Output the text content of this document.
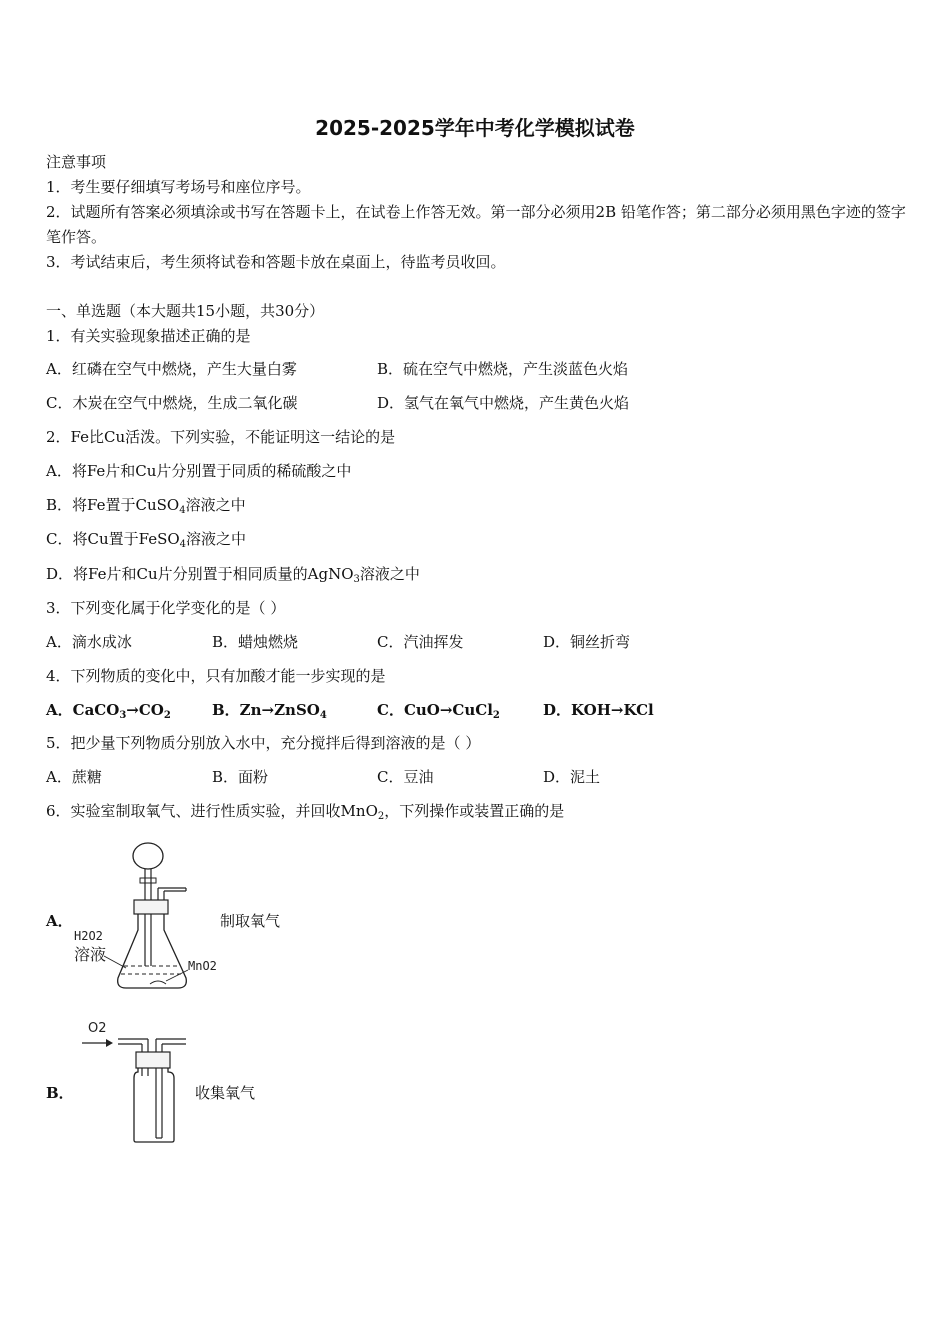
2025-2025学年中考化学模拟试卷
注意事项
1．考生要仔细填写考场号和座位序号。
2．试题所有答案必须填涂或书写在答题卡上，在试卷上作答无效。第一部分必须用2B 铅笔作答；第二部分必须用黑色字迹的签字笔作答。
3．考试结束后，考生须将试卷和答题卡放在桌面上，待监考员收回。
一、单选题（本大题共15小题，共30分）
1．有关实验现象描述正确的是
A．红磷在空气中燃烧，产生大量白雾	B．硫在空气中燃烧，产生淡蓝色火焰
C．木炭在空气中燃烧，生成二氧化碳	D．氢气在氧气中燃烧，产生黄色火焰
2．Fe比Cu活泼。下列实验，不能证明这一结论的是
A．将Fe片和Cu片分别置于同质的稀硫酸之中
B．将Fe置于CuSO$_4$溶液之中
C．将Cu置于FeSO$_4$溶液之中
D．将Fe片和Cu片分别置于相同质量的AgNO$_3$溶液之中
3．下列变化属于化学变化的是（ ）
A．滴水成冰	B．蜡烛燃烧	C．汽油挥发	D．铜丝折弯
4．下列物质的变化中，只有加酸才能一步实现的是
A．$CaCO_3\to CO_2$	B．Zn→ZnSO$_4$	C．CuO→CuCl$_2$	D．KOH→KCl
5．把少量下列物质分别放入水中，充分搅拌后得到溶液的是（ ）
A．蔗糖	B．面粉	C．豆油	D．泥土
6．实验室制取氧气、进行性质实验，并回收MnO$_2$，下列操作或装置正确的是
A．
H2O2
溶液
MnO2
制取氧气
B．
O2
收集氧气
